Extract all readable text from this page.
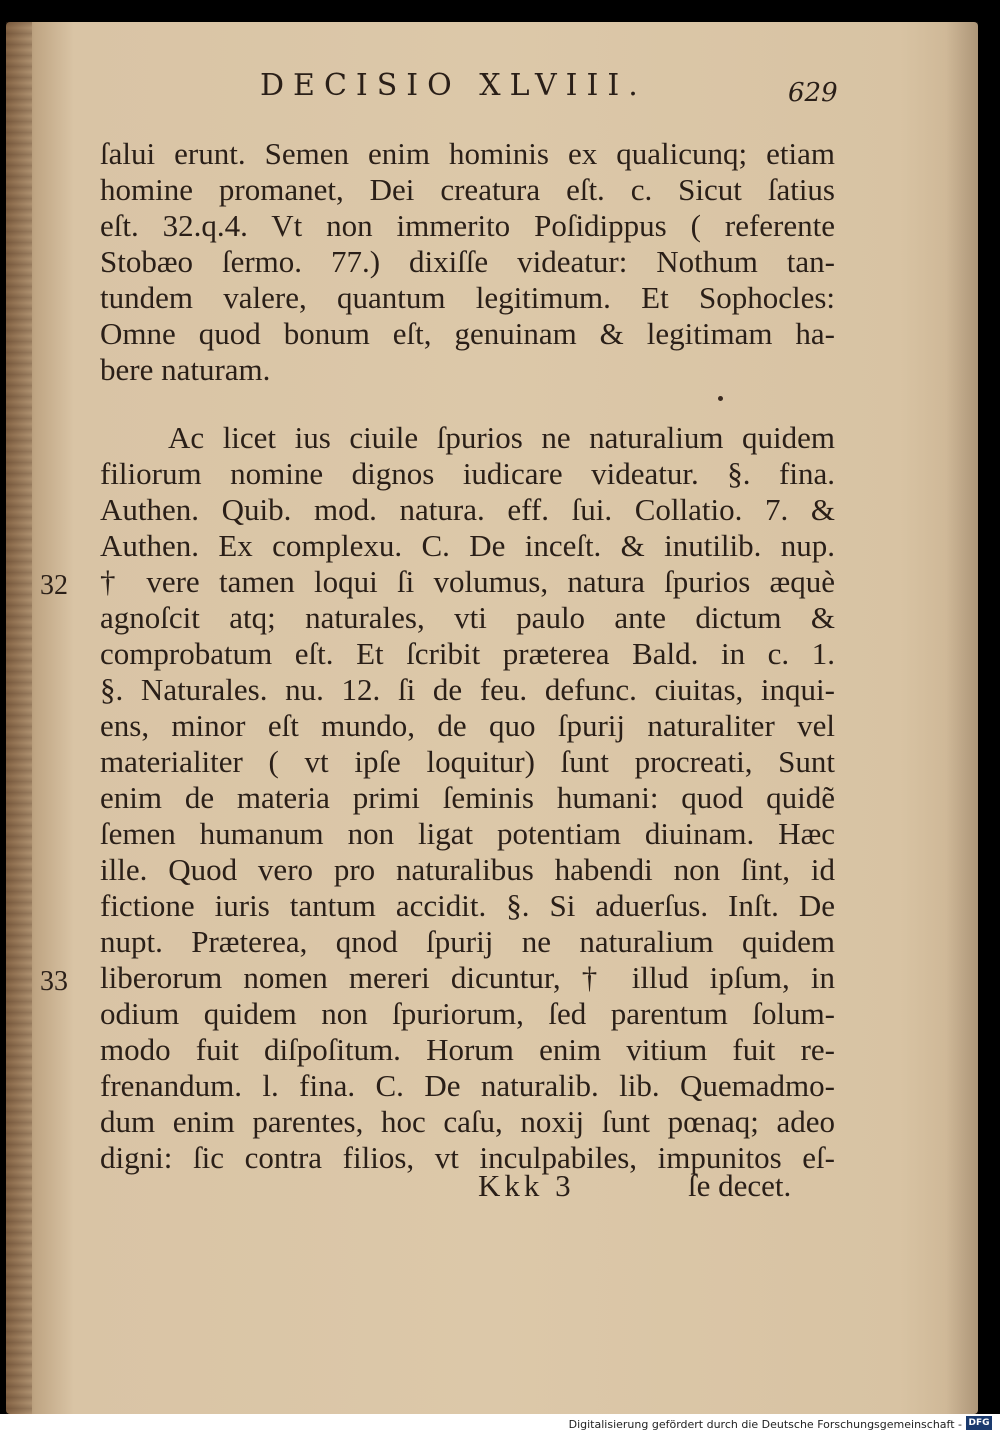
DECISIO XLVIII.	629
ſalui erunt. Semen enim hominis ex qualicunq; etiam
homine promanet, Dei creatura eſt. c. Sicut ſatius
eſt. 32.q.4. Vt non immerito Poſidippus ( referente
Stobæo ſermo. 77.) dixiſſe videatur: Nothum tan-
tundem valere, quantum legitimum. Et Sophocles:
Omne quod bonum eſt, genuinam & legitimam ha-
bere naturam.
Ac licet ius ciuile ſpurios ne naturalium quidem
filiorum nomine dignos iudicare videatur. §. fina.
Authen. Quib. mod. natura. eff. ſui. Collatio. 7. &
Authen. Ex complexu. C. De inceſt. & inutilib. nup.
† vere tamen loqui ſi volumus, natura ſpurios æquè
agnoſcit atq; naturales, vti paulo ante dictum &
comprobatum eſt. Et ſcribit præterea Bald. in c. 1.
§. Naturales. nu. 12. ſi de feu. defunc. ciuitas, inqui-
ens, minor eſt mundo, de quo ſpurij naturaliter vel
materialiter ( vt ipſe loquitur) ſunt procreati, Sunt
enim de materia primi ſeminis humani: quod quidẽ
ſemen humanum non ligat potentiam diuinam. Hæc
ille. Quod vero pro naturalibus habendi non ſint, id
fictione iuris tantum accidit. §. Si aduerſus. Inſt. De
nupt. Præterea, qnod ſpurij ne naturalium quidem
liberorum nomen mereri dicuntur, † illud ipſum, in
odium quidem non ſpuriorum, ſed parentum ſolum-
modo fuit diſpoſitum. Horum enim vitium fuit re-
frenandum. l. fina. C. De naturalib. lib. Quemadmo-
dum enim parentes, hoc caſu, noxij ſunt pœnaq; adeo
digni: ſic contra filios, vt inculpabiles, impunitos eſ-
32
33
Kkk 3	ſe decet.
Digitalisierung gefördert durch die Deutsche Forschungsgemeinschaft - DFG
